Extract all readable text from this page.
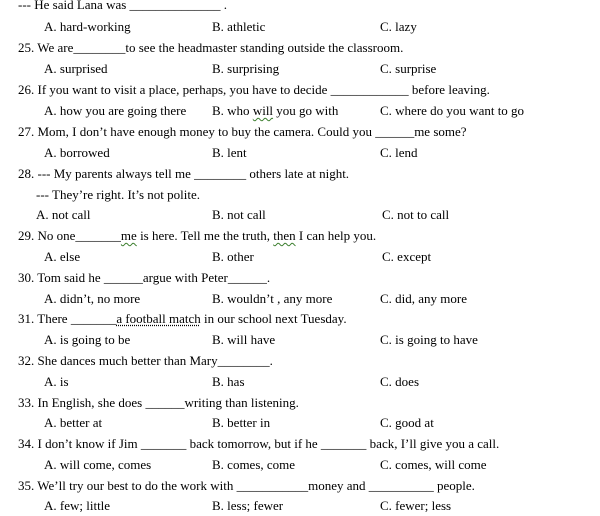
--- He said Lana was ______________ .
A. hard-working	B. athletic	C. lazy
25. We are________to see the headmaster standing outside the classroom.
A. surprised	B. surprising	C. surprise
26. If you want to visit a place, perhaps, you have to decide ____________ before leaving.
A. how you are going there B. who will you go with	C. where do you want to go
27. Mom, I don’t have enough money to buy the camera. Could you ______me some?
A. borrowed	B. lent	C. lend
28. --- My parents always tell me ________ others late at night.
--- They’re right. It’s not polite.
A. not call	B. not call	C. not to call
29. No one_______me is here. Tell me the truth, then I can help you.
A. else	B. other	C. except
30. Tom said he ______argue with Peter______.
A. didn’t, no more	B. wouldn’t , any more	C. did, any more
31. There _______a football match in our school next Tuesday.
A. is going to be	B. will have	C. is going to have
32. She dances much better than Mary________.
A. is	B. has	C. does
33. In English, she does ______writing than listening.
A. better at	B. better in	C. good at
34. I don’t know if Jim _______ back tomorrow, but if he _______ back, I’ll give you a call.
A. will come, comes	B. comes, come	C. comes, will come
35. We’ll try our best to do the work with ___________money and __________ people.
A. few; little	B. less; fewer	C. fewer; less
